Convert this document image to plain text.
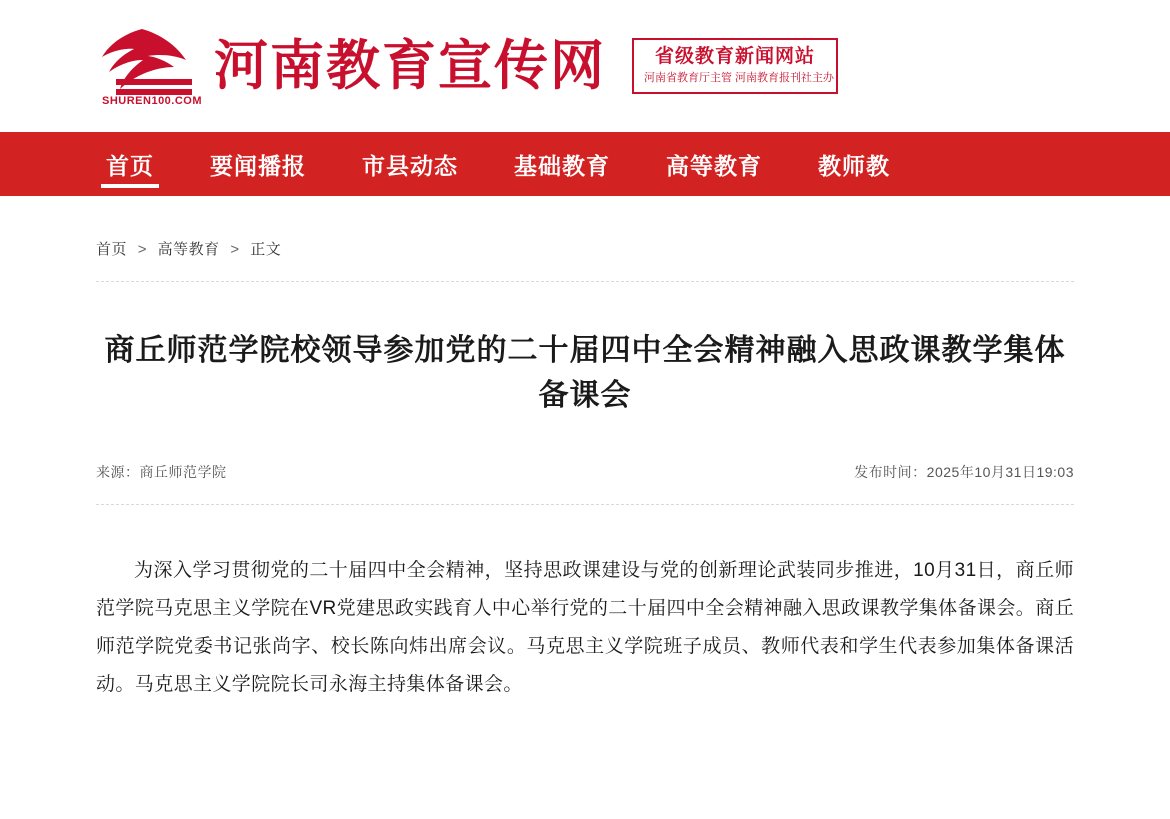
SHUREN100.COM
河南教育宣传网	省级教育新闻网站
河南省教育厅主管 河南教育报刊社主办
首页	要闻播报	市县动态	基础教育	高等教育	教师教
首页 > 高等教育 > 正文
商丘师范学院校领导参加党的二十届四中全会精神融入思政课教学集体备课会
来源：商丘师范学院	发布时间：2025年10月31日19:03

为深入学习贯彻党的二十届四中全会精神，坚持思政课建设与党的创新理论武装同步推进，10月31日，商丘师范学院马克思主义学院在VR党建思政实践育人中心举行党的二十届四中全会精神融入思政课教学集体备课会。商丘师范学院党委书记张尚字、校长陈向炜出席会议。马克思主义学院班子成员、教师代表和学生代表参加集体备课活动。马克思主义学院院长司永海主持集体备课会。
